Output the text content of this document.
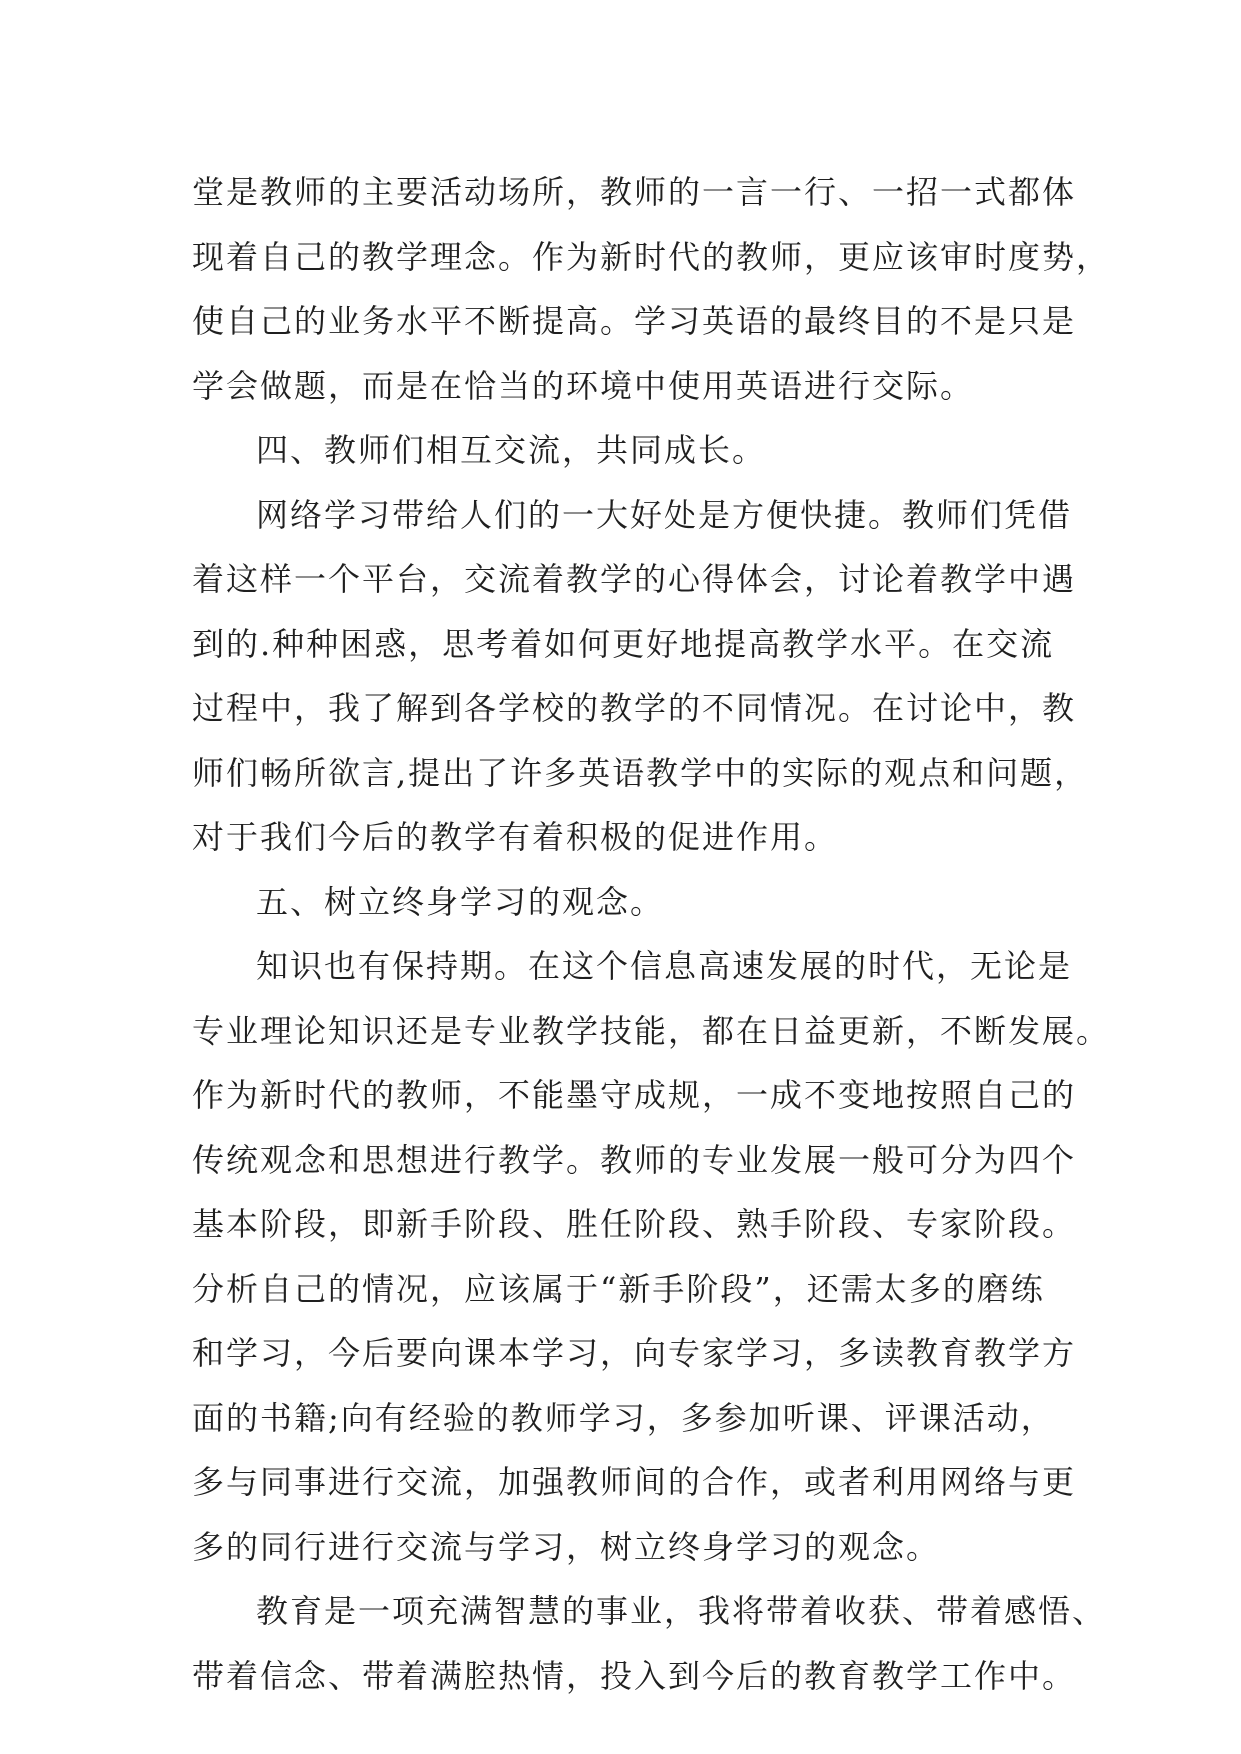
堂是教师的主要活动场所，教师的一言一行、一招一式都体
现着自己的教学理念。作为新时代的教师，更应该审时度势，
使自己的业务水平不断提高。学习英语的最终目的不是只是
学会做题，而是在恰当的环境中使用英语进行交际。
四、教师们相互交流，共同成长。
网络学习带给人们的一大好处是方便快捷。教师们凭借
着这样一个平台，交流着教学的心得体会，讨论着教学中遇
到的.种种困惑，思考着如何更好地提高教学水平。在交流
过程中，我了解到各学校的教学的不同情况。在讨论中，教
师们畅所欲言,提出了许多英语教学中的实际的观点和问题，
对于我们今后的教学有着积极的促进作用。
五、树立终身学习的观念。
知识也有保持期。在这个信息高速发展的时代，无论是
专业理论知识还是专业教学技能，都在日益更新，不断发展。
作为新时代的教师，不能墨守成规，一成不变地按照自己的
传统观念和思想进行教学。教师的专业发展一般可分为四个
基本阶段，即新手阶段、胜任阶段、熟手阶段、专家阶段。
分析自己的情况，应该属于“新手阶段”，还需太多的磨练
和学习，今后要向课本学习，向专家学习，多读教育教学方
面的书籍;向有经验的教师学习，多参加听课、评课活动，
多与同事进行交流，加强教师间的合作，或者利用网络与更
多的同行进行交流与学习，树立终身学习的观念。
教育是一项充满智慧的事业，我将带着收获、带着感悟、
带着信念、带着满腔热情，投入到今后的教育教学工作中。
